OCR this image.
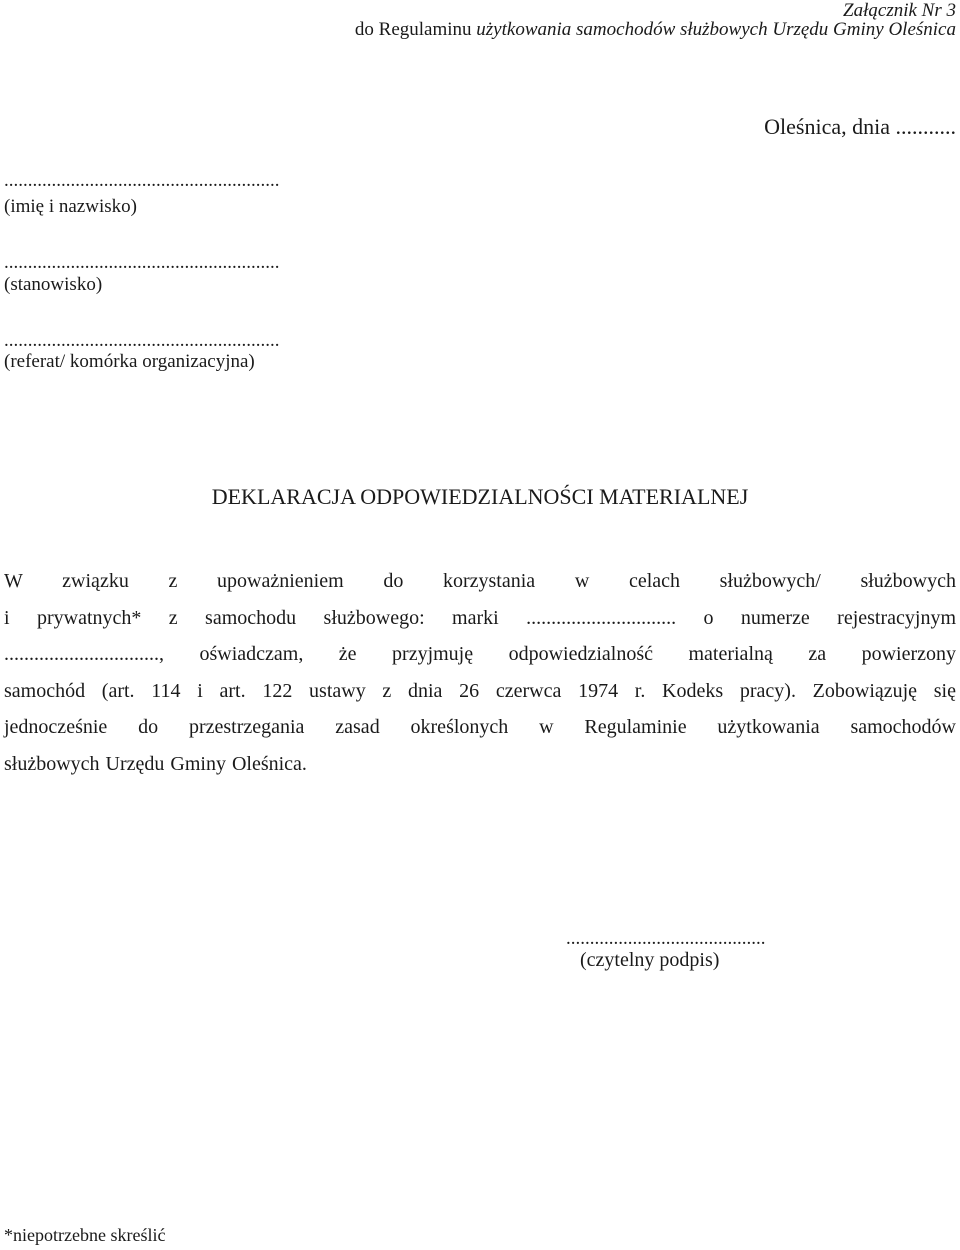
Załącznik Nr 3
do Regulaminu użytkowania samochodów służbowych Urzędu Gminy Oleśnica
Oleśnica, dnia ...........
..........................................................
(imię i nazwisko)
..........................................................
(stanowisko)
..........................................................
(referat/ komórka organizacyjna)
DEKLARACJA ODPOWIEDZIALNOŚCI MATERIALNEJ
W związku z upoważnieniem do korzystania w celach służbowych/ służbowych
i prywatnych* z samochodu służbowego: marki .............................. o numerze rejestracyjnym
..............................., oświadczam, że przyjmuję odpowiedzialność materialną za powierzony
samochód (art. 114 i art. 122 ustawy z dnia 26 czerwca 1974 r. Kodeks pracy). Zobowiązuję się
jednocześnie do przestrzegania zasad określonych w Regulaminie użytkowania samochodów
służbowych Urzędu Gminy Oleśnica.
..........................................
(czytelny podpis)
*niepotrzebne skreślić
